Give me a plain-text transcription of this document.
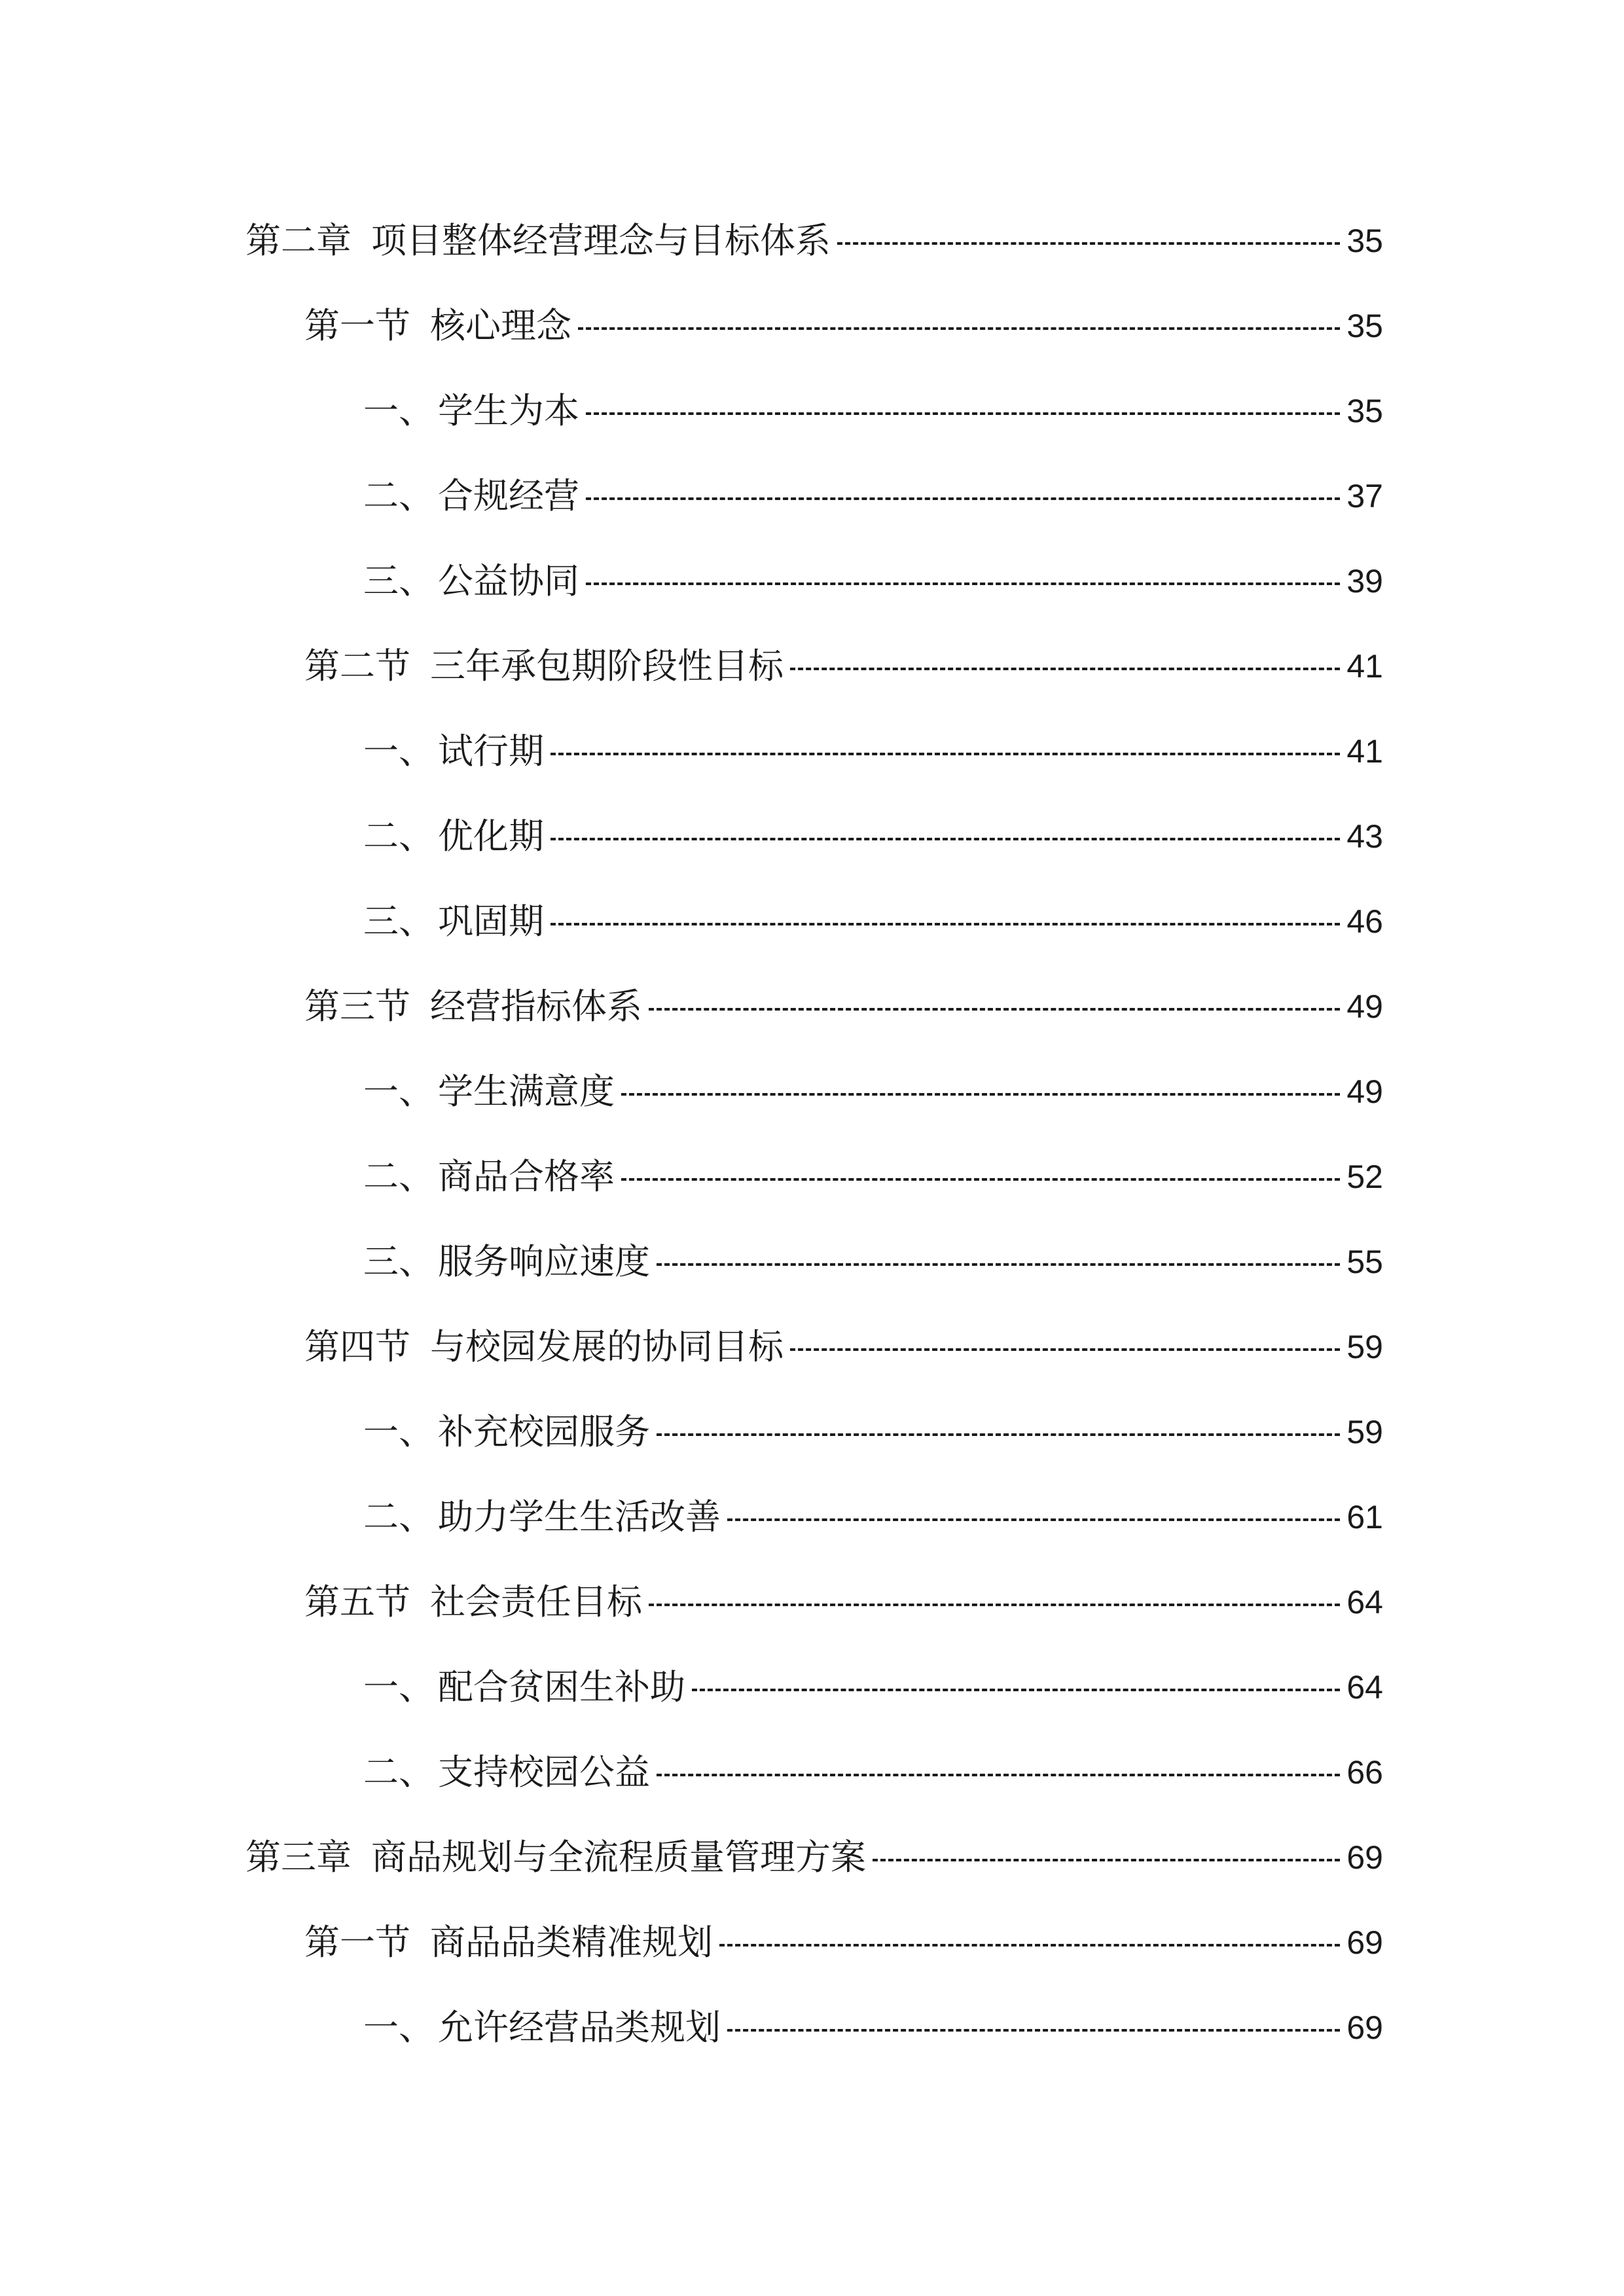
第二章 项目整体经营理念与目标体系	35
第一节 核心理念	35
一、 学生为本	35
二、 合规经营	37
三、 公益协同	39
第二节 三年承包期阶段性目标	41
一、 试行期	41
二、 优化期	43
三、 巩固期	46
第三节 经营指标体系	49
一、 学生满意度	49
二、 商品合格率	52
三、 服务响应速度	55
第四节 与校园发展的协同目标	59
一、 补充校园服务	59
二、 助力学生生活改善	61
第五节 社会责任目标	64
一、 配合贫困生补助	64
二、 支持校园公益	66
第三章 商品规划与全流程质量管理方案	69
第一节 商品品类精准规划	69
一、 允许经营品类规划	69
